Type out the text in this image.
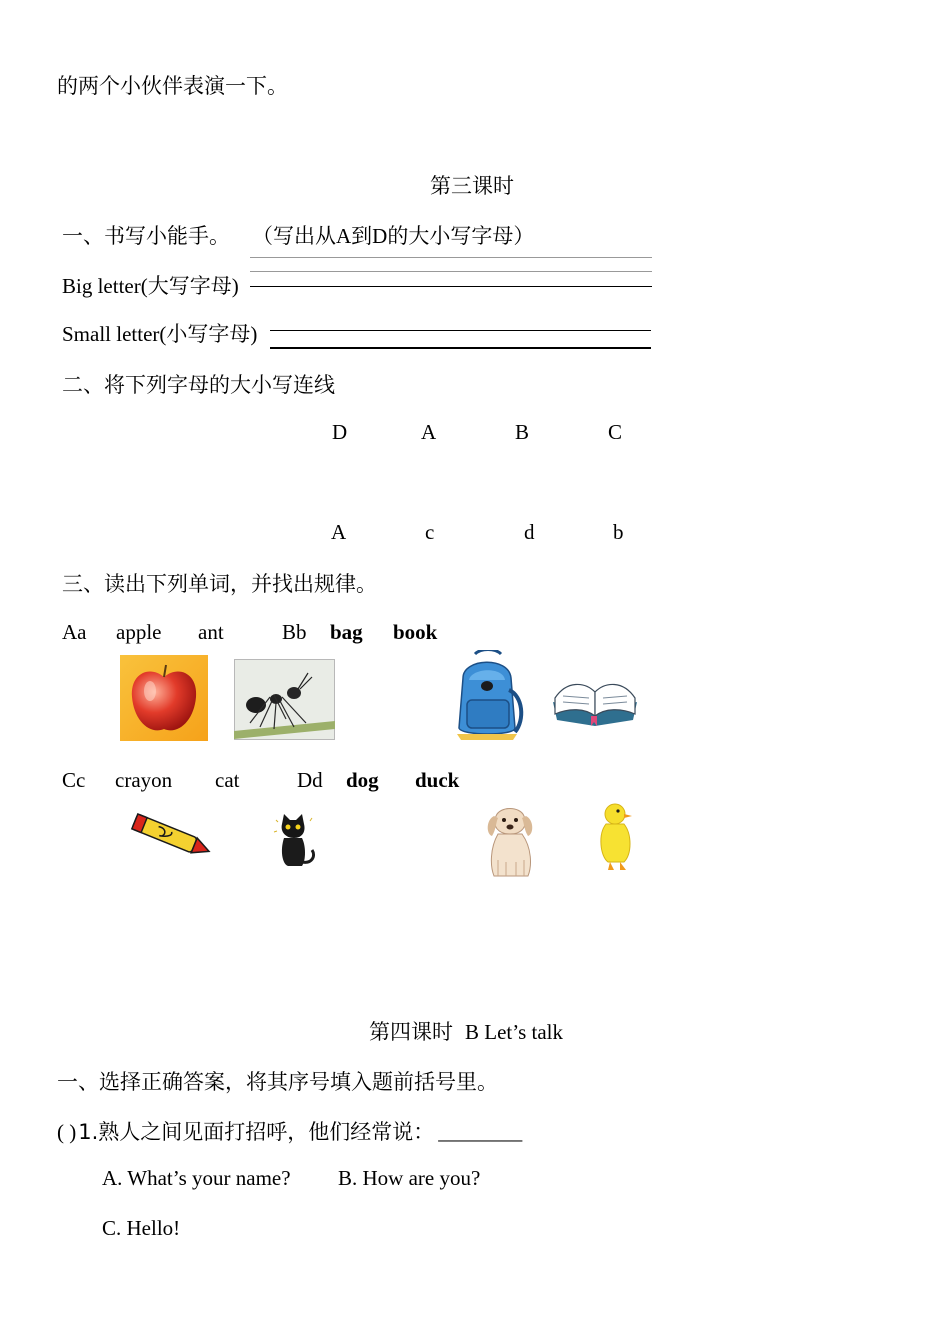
的两个小伙伴表演一下。
第三课时
一、书写小能手。 （写出从A到D的大小写字母）
Big letter(大写字母)
Small letter(小写字母)
二、将下列字母的大小写连线
D	A	B	C
A	c	d	b
三、读出下列单词，并找出规律。
Aa apple ant	Bb bag book
Cc crayon cat	Dd dog duck
第四课时 B Let’s talk
一、选择正确答案，将其序号填入题前括号里。
( )1.熟人之间见面打招呼，他们经常说： ________
A. What’s your name? B. How are you?
C. Hello!
